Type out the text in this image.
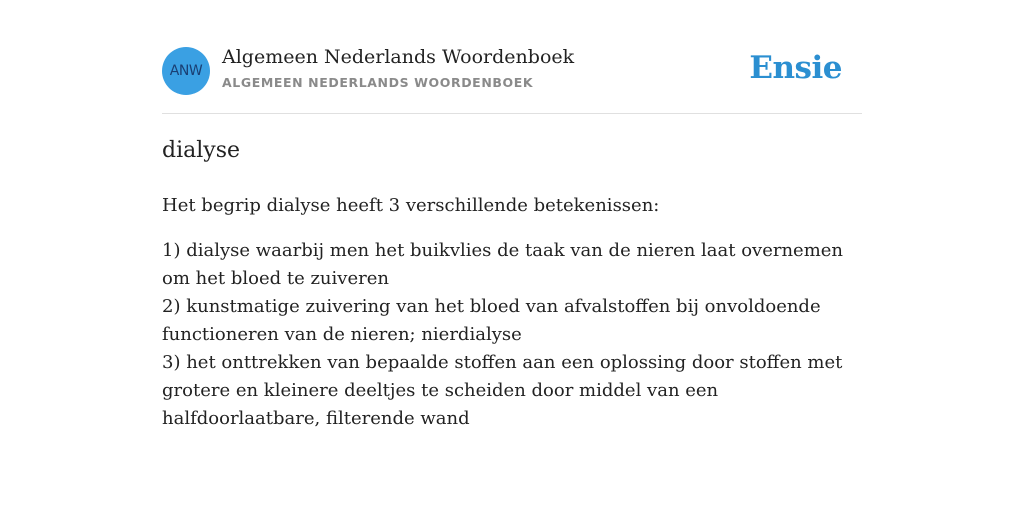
ANW
Algemeen Nederlands Woordenboek
ALGEMEEN NEDERLANDS WOORDENBOEK	Ensie
dialyse

Het begrip dialyse heeft 3 verschillende betekenissen:

1) dialyse waarbij men het buikvlies de taak van de nieren laat overnemen om het bloed te zuiveren
2) kunstmatige zuivering van het bloed van afvalstoffen bij onvoldoende functioneren van de nieren; nierdialyse
3) het onttrekken van bepaalde stoffen aan een oplossing door stoffen met grotere en kleinere deeltjes te scheiden door middel van een halfdoorlaatbare, filterende wand
